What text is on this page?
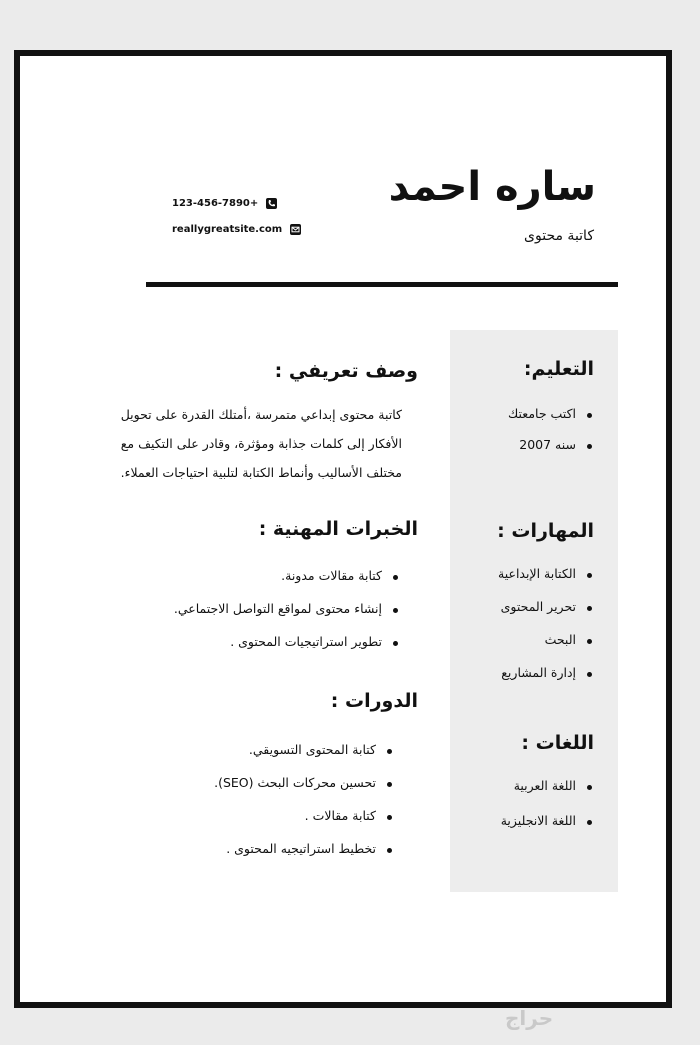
ساره احمد
كاتبة محتوى
123-456-7890+
reallygreatsite.com
التعليم:
اكتب جامعتك
سنه 2007
المهارات :
الكتابة الإبداعية
تحرير المحتوى
البحث
إدارة المشاريع
اللغات :
اللغة العربية
اللغة الانجليزية
وصف تعريفي :
كاتبة محتوى إبداعي متمرسة ،أمتلك القدرة على تحويل الأفكار إلى كلمات جذابة ومؤثرة، وقادر على التكيف مع مختلف الأساليب وأنماط الكتابة لتلبية احتياجات العملاء.
الخبرات المهنية :
كتابة مقالات مدونة.
إنشاء محتوى لمواقع التواصل الاجتماعي.
تطوير استراتيجيات المحتوى .
الدورات :
كتابة المحتوى التسويقي.
تحسين محركات البحث (SEO).
كتابة مقالات .
تخطيط استراتيجيه المحتوى .
حراج
